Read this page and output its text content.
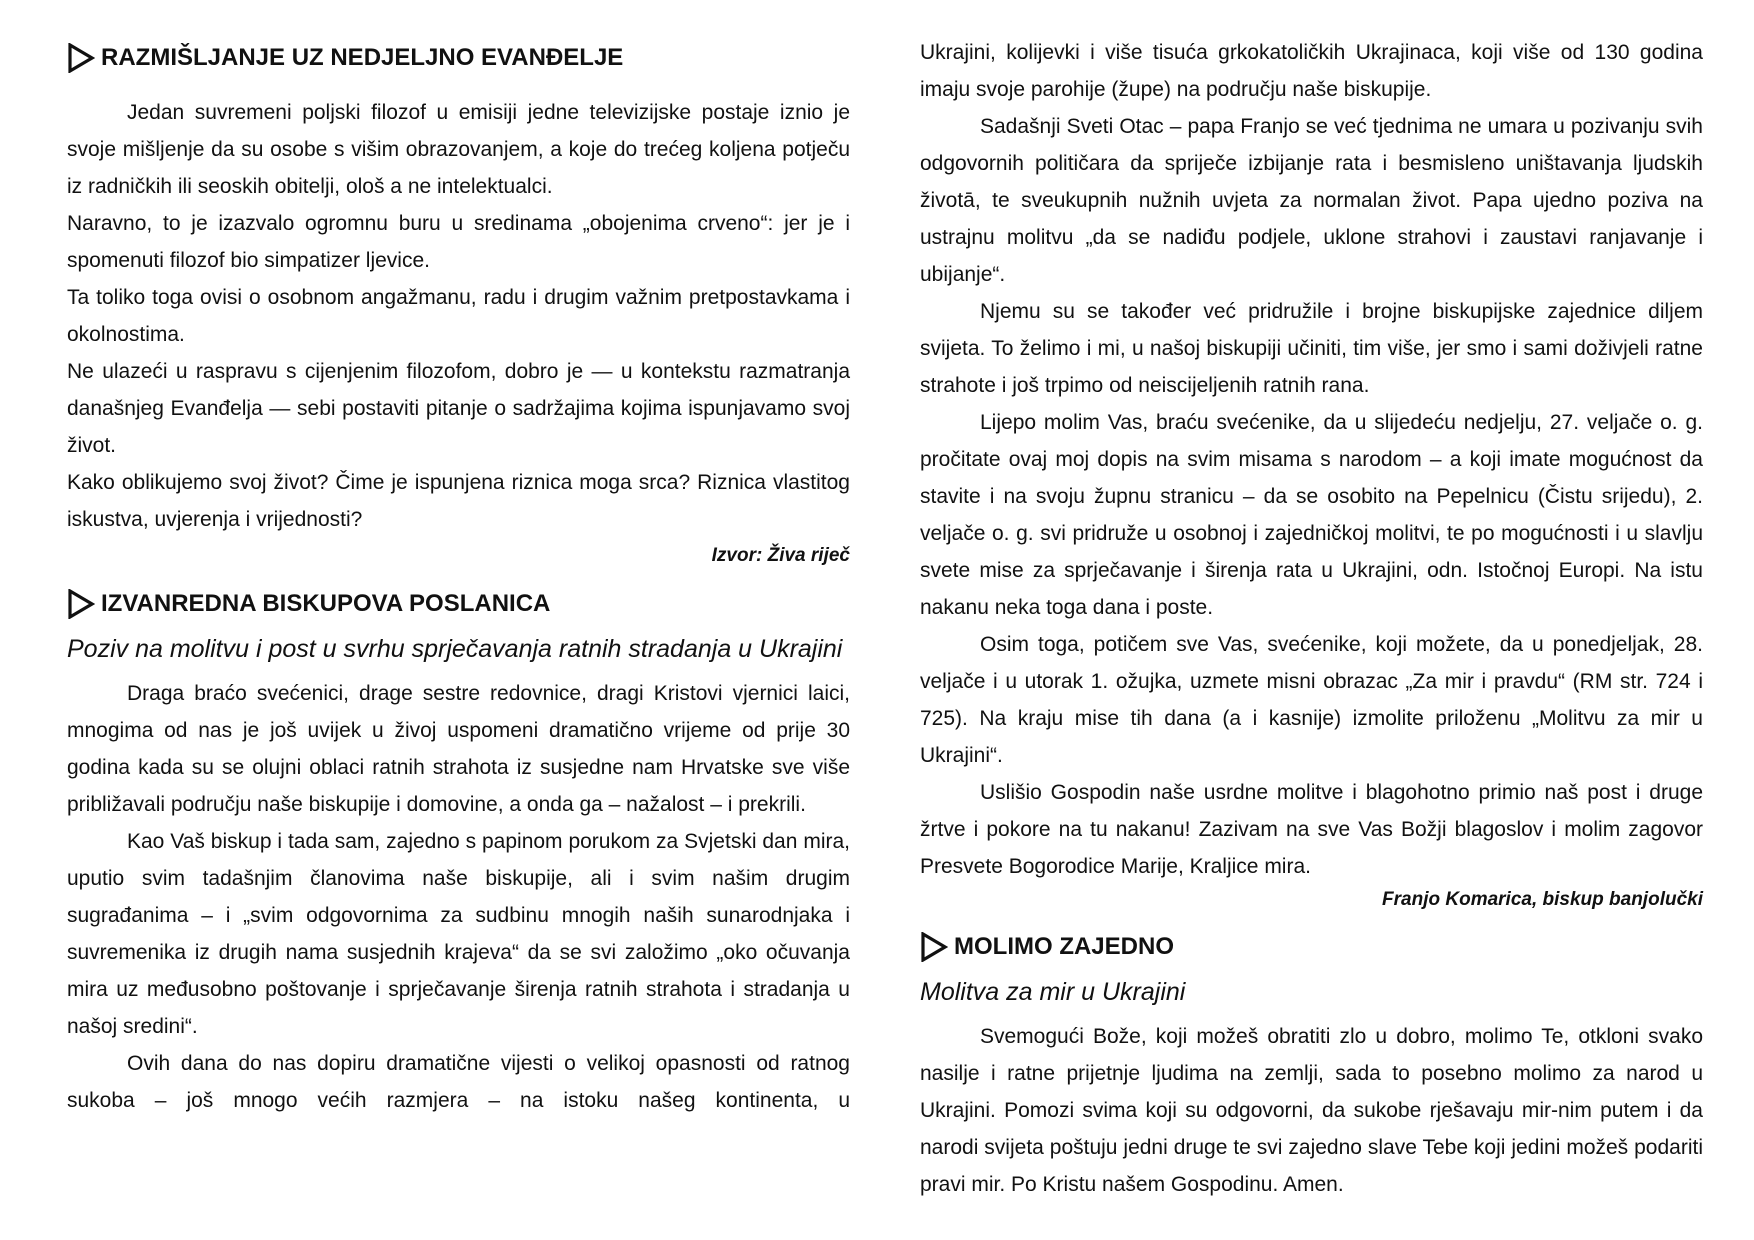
RAZMIŠLJANJE UZ NEDJELJNO EVANĐELJE

Jedan suvremeni poljski filozof u emisiji jedne televizijske postaje iznio je svoje mišljenje da su osobe s višim obrazovanjem, a koje do trećeg koljena potječu iz radničkih ili seoskih obitelji, ološ a ne intelektualci.

Naravno, to je izazvalo ogromnu buru u sredinama „obojenima crveno“: jer je i spomenuti filozof bio simpatizer ljevice.

Ta toliko toga ovisi o osobnom angažmanu, radu i drugim važnim pretpostavkama i okolnostima.

Ne ulazeći u raspravu s cijenjenim filozofom, dobro je — u kontekstu razmatranja današnjeg Evanđelja — sebi postaviti pitanje o sadržajima kojima ispunjavamo svoj život.

Kako oblikujemo svoj život? Čime je ispunjena riznica moga srca? Riznica vlastitog iskustva, uvjerenja i vrijednosti?

Izvor: Živa riječ

IZVANREDNA BISKUPOVA POSLANICA

Poziv na molitvu i post u svrhu sprječavanja ratnih stradanja u Ukrajini

Draga braćo svećenici, drage sestre redovnice, dragi Kristovi vjernici laici, mnogima od nas je još uvijek u živoj uspomeni dramatično vrijeme od prije 30 godina kada su se olujni oblaci ratnih strahota iz susjedne nam Hrvatske sve više približavali području naše biskupije i domovine, a onda ga – nažalost – i prekrili.

Kao Vaš biskup i tada sam, zajedno s papinom porukom za Svjetski dan mira, uputio svim tadašnjim članovima naše biskupije, ali i svim našim drugim sugrađanima – i „svim odgovornima za sudbinu mnogih naših sunarodnjaka i suvremenika iz drugih nama susjednih krajeva“ da se svi založimo „oko očuvanja mira uz međusobno poštovanje i sprječavanje širenja ratnih strahota i stradanja u našoj sredini“.

Ovih dana do nas dopiru dramatične vijesti o velikoj opasnosti od ratnog sukoba – još mnogo većih razmjera – na istoku našeg kontinenta, u

Ukrajini, kolijevki i više tisuća grkokatoličkih Ukrajinaca, koji više od 130 godina imaju svoje parohije (župe) na području naše biskupije.

Sadašnji Sveti Otac – papa Franjo se već tjednima ne umara u pozivanju svih odgovornih političara da spriječe izbijanje rata i besmisleno uništavanja ljudskih životā, te sveukupnih nužnih uvjeta za normalan život. Papa ujedno poziva na ustrajnu molitvu „da se nadiđu podjele, uklone strahovi i zaustavi ranjavanje i ubijanje“.

Njemu su se također već pridružile i brojne biskupijske zajednice diljem svijeta. To želimo i mi, u našoj biskupiji učiniti, tim više, jer smo i sami doživjeli ratne strahote i još trpimo od neiscijeljenih ratnih rana.

Lijepo molim Vas, braću svećenike, da u slijedeću nedjelju, 27. veljače o. g. pročitate ovaj moj dopis na svim misama s narodom – a koji imate mogućnost da stavite i na svoju župnu stranicu – da se osobito na Pepelnicu (Čistu srijedu), 2. veljače o. g. svi pridruže u osobnoj i zajedničkoj molitvi, te po mogućnosti i u slavlju svete mise za sprječavanje i širenja rata u Ukrajini, odn. Istočnoj Europi. Na istu nakanu neka toga dana i poste.

Osim toga, potičem sve Vas, svećenike, koji možete, da u ponedjeljak, 28. veljače i u utorak 1. ožujka, uzmete misni obrazac „Za mir i pravdu“ (RM str. 724 i 725). Na kraju mise tih dana (a i kasnije) izmolite priloženu „Molitvu za mir u Ukrajini“.

Uslišio Gospodin naše usrdne molitve i blagohotno primio naš post i druge žrtve i pokore na tu nakanu! Zazivam na sve Vas Božji blagoslov i molim zagovor Presvete Bogorodice Marije, Kraljice mira.

Franjo Komarica, biskup banjolučki

MOLIMO ZAJEDNO

Molitva za mir u Ukrajini

Svemogući Bože, koji možeš obratiti zlo u dobro, molimo Te, otkloni svako nasilje i ratne prijetnje ljudima na zemlji, sada to posebno molimo za narod u Ukrajini. Pomozi svima koji su odgovorni, da sukobe rješavaju mir-nim putem i da narodi svijeta poštuju jedni druge te svi zajedno slave Tebe koji jedini možeš podariti pravi mir. Po Kristu našem Gospodinu. Amen.
